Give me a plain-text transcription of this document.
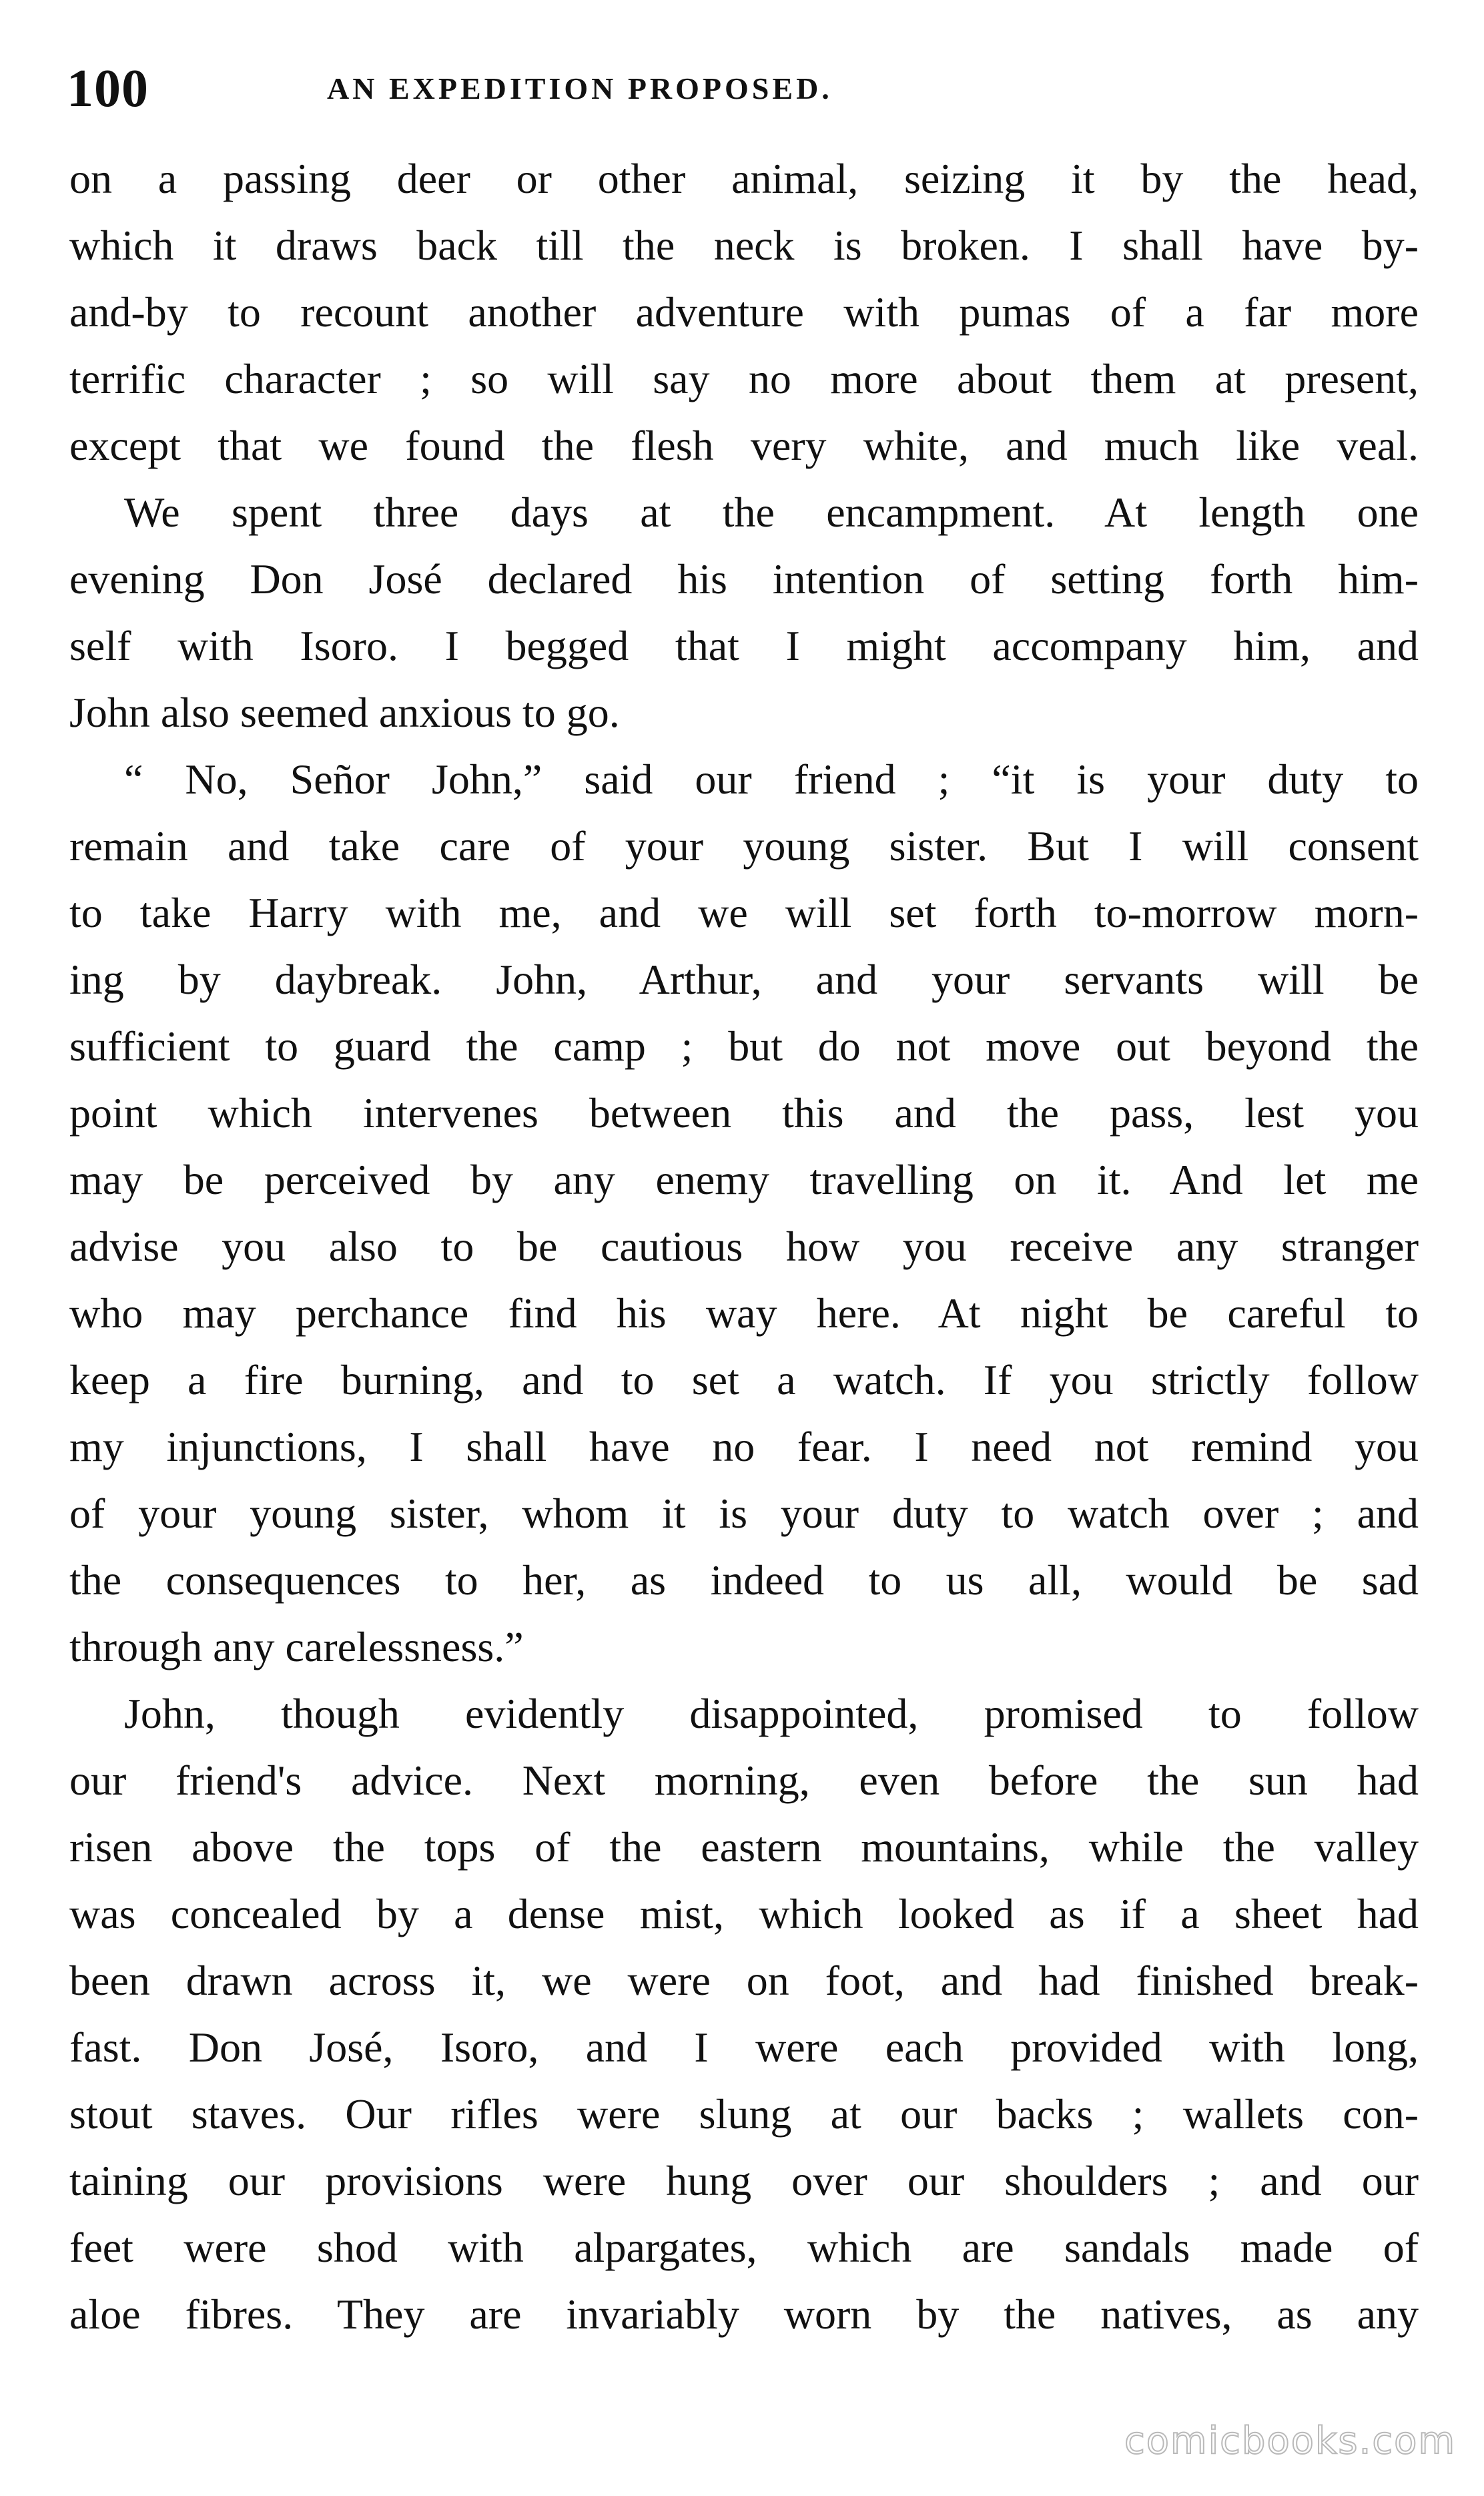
100	AN EXPEDITION PROPOSED.
on a passing deer or other animal, seizing it by the head,
which it draws back till the neck is broken. I shall have by-
and-by to recount another adventure with pumas of a far more
terrific character ; so will say no more about them at present,
except that we found the flesh very white, and much like veal.
We spent three days at the encampment. At length one
evening Don José declared his intention of setting forth him-
self with Isoro. I begged that I might accompany him, and
John also seemed anxious to go.
“ No, Señor John,” said our friend ; “it is your duty to
remain and take care of your young sister. But I will consent
to take Harry with me, and we will set forth to-morrow morn-
ing by daybreak. John, Arthur, and your servants will be
sufficient to guard the camp ; but do not move out beyond the
point which intervenes between this and the pass, lest you
may be perceived by any enemy travelling on it. And let me
advise you also to be cautious how you receive any stranger
who may perchance find his way here. At night be careful to
keep a fire burning, and to set a watch. If you strictly follow
my injunctions, I shall have no fear. I need not remind you
of your young sister, whom it is your duty to watch over ; and
the consequences to her, as indeed to us all, would be sad
through any carelessness.”
John, though evidently disappointed, promised to follow
our friend's advice. Next morning, even before the sun had
risen above the tops of the eastern mountains, while the valley
was concealed by a dense mist, which looked as if a sheet had
been drawn across it, we were on foot, and had finished break-
fast. Don José, Isoro, and I were each provided with long,
stout staves. Our rifles were slung at our backs ; wallets con-
taining our provisions were hung over our shoulders ; and our
feet were shod with alpargates, which are sandals made of
aloe fibres. They are invariably worn by the natives, as any
comicbooks.com
